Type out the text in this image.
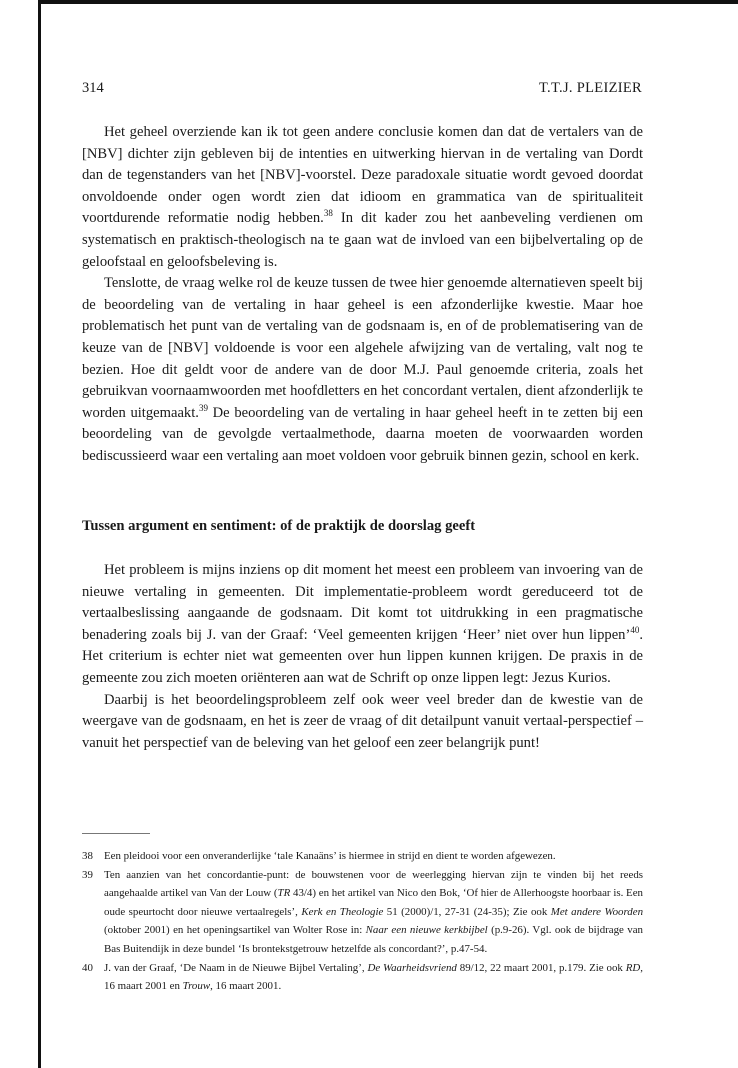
314	T.T.J. PLEIZIER

Het geheel overziende kan ik tot geen andere conclusie komen dan dat de vertalers van de [NBV] dichter zijn gebleven bij de intenties en uitwerking hiervan in de vertaling van Dordt dan de tegenstanders van het [NBV]-voorstel. Deze paradoxale situatie wordt gevoed doordat onvoldoende onder ogen wordt zien dat idioom en grammatica van de spiritualiteit voortdurende reformatie nodig hebben.$^{38}$ In dit kader zou het aanbeveling verdienen om systematisch en praktisch-theologisch na te gaan wat de invloed van een bijbelvertaling op de geloofstaal en geloofsbeleving is.

Tenslotte, de vraag welke rol de keuze tussen de twee hier genoemde alternatieven speelt bij de beoordeling van de vertaling in haar geheel is een afzonderlijke kwestie. Maar hoe problematisch het punt van de vertaling van de godsnaam is, en of de problematisering van de keuze van de [NBV] voldoende is voor een algehele afwijzing van de vertaling, valt nog te bezien. Hoe dit geldt voor de andere van de door M.J. Paul genoemde criteria, zoals het gebruikvan voornaamwoorden met hoofdletters en het concordant vertalen, dient afzonderlijk te worden uitgemaakt.$^{39}$ De beoordeling van de vertaling in haar geheel heeft in te zetten bij een beoordeling van de gevolgde vertaalmethode, daarna moeten de voorwaarden worden bediscussieerd waar een vertaling aan moet voldoen voor gebruik binnen gezin, school en kerk.

Tussen argument en sentiment: of de praktijk de doorslag geeft

Het probleem is mijns inziens op dit moment het meest een probleem van invoering van de nieuwe vertaling in gemeenten. Dit implementatie-probleem wordt gereduceerd tot de vertaalbeslissing aangaande de godsnaam. Dit komt tot uitdrukking in een pragmatische benadering zoals bij J. van der Graaf: ‘Veel gemeenten krijgen ‘Heer’ niet over hun lippen’$^{40}$. Het criterium is echter niet wat gemeenten over hun lippen kunnen krijgen. De praxis in de gemeente zou zich moeten oriënteren aan wat de Schrift op onze lippen legt: Jezus Kurios.

Daarbij is het beoordelingsprobleem zelf ook weer veel breder dan de kwestie van de weergave van de godsnaam, en het is zeer de vraag of dit detailpunt vanuit vertaal-perspectief – vanuit het perspectief van de beleving van het geloof een zeer belangrijk punt!

38	Een pleidooi voor een onveranderlijke ‘tale Kanaäns’ is hiermee in strijd en dient te worden afgewezen.
39	Ten aanzien van het concordantie-punt: de bouwstenen voor de weerlegging hiervan zijn te vinden bij het reeds aangehaalde artikel van Van der Louw (TR 43/4) en het artikel van Nico den Bok, ‘Of hier de Allerhoogste hoorbaar is. Een oude speurtocht door nieuwe vertaalregels’, Kerk en Theologie 51 (2000)/1, 27-31 (24-35); Zie ook Met andere Woorden (oktober 2001) en het openingsartikel van Wolter Rose in: Naar een nieuwe kerkbijbel (p.9-26). Vgl. ook de bijdrage van Bas Buitendijk in deze bundel ‘Is brontekstgetrouw hetzelfde als concordant?’, p.47-54.
40	J. van der Graaf, ‘De Naam in de Nieuwe Bijbel Vertaling’, De Waarheidsvriend 89/12, 22 maart 2001, p.179. Zie ook RD, 16 maart 2001 en Trouw, 16 maart 2001.
